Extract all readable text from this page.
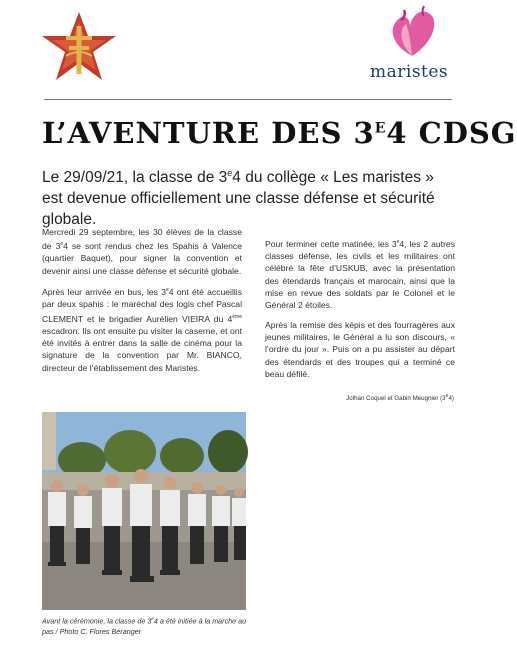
maristes
L’AVENTURE DES $3^E4$ CDSG
Le 29/09/21, la classe de 3e4 du collège « Les maristes » est devenue officiellement une classe défense et sécurité globale.

Mercredi 29 septembre, les 30 élèves de la classe de 3e4 se sont rendus chez les Spahis à Valence (quartier Baquet), pour signer la convention et devenir ainsi une classe défense et sécurité globale.

Après leur arrivée en bus, les 3e4 ont été accueillis par deux spahis : le maréchal des logis chef Pascal CLEMENT et le brigadier Aurélien VIEIRA du 4ème escadron. Ils ont ensuite pu visiter la caserne, et ont été invités à entrer dans la salle de cinéma pour la signature de la convention par Mr. BIANCO, directeur de l’établissement des Maristes.

Pour terminer cette matinée, les 3e4, les 2 autres classes défense, les civils et les militaires ont célébré la fête d’USKUB, avec la présentation des étendards français et marocain, ainsi que la mise en revue des soldats par le Colonel et le Général 2 étoiles.

Après la remise des képis et des fourragères aux jeunes militaires, le Général a lu son discours, « l’ordre du jour ». Puis on a pu assister au départ des étendards et des troupes qui a terminé ce beau défilé.

Jolhan Coquel et Gabin Meugnier (3e4)
Avant la cérémonie, la classe de 3e4 a été initiée à la marche au pas / Photo C. Flores Béranger
